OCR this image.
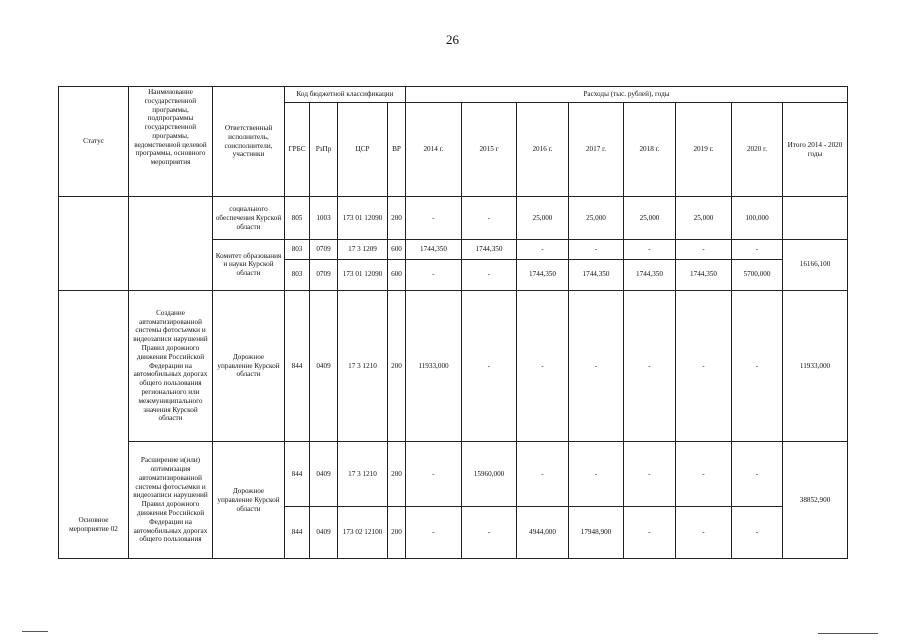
26
Статус	Наименование государственной программы, подпрограммы государственной программы, ведомственной целевой программы, основного мероприятия	Ответственный исполнитель, соисполнители, участники	Код бюджетной классификации				Расходы (тыс. рублей), годы							
			ГРБС	РзПр	ЦСР	ВР	2014 г.	2015 г	2016 г.	2017 г.	2018 г.	2019 г.	2020 г.	Итого 2014 - 2020 годы
		социального обеспечения Курской области	805	1003	173 01 12090	200	-	-	25,000	25,000	25,000	25,000	100,000	
		Комитет образования и науки Курской области	803	0709	17 3 1209	600	1744,350	1744,350	-	-	-	-	-	16166,100
			803	0709	173 01 12090	600	-	-	1744,350	1744,350	1744,350	1744,350	5700,000	
Основное мероприятие 02	Создание автоматизированной системы фотосъемки и видеозаписи нарушений Правил дорожного движения Российской Федерации на автомобильных дорогах общего пользования регионального или межмуниципального значения Курской области	Дорожное управление Курской области	844	0409	17 3 1210	200	11933,000	-	-	-	-	-	-	11933,000
	Расширение и(или) оптимизация автоматизированной системы фотосъемки и видеозаписи нарушений Правил дорожного движения Российской Федерации на автомобильных дорогах общего пользования	Дорожное управление Курской области	844	0409	17 3 1210	200	-	15960,000	-	-	-	-	-	38852,900
			844	0409	173 02 12100	200	-	-	4944,000	17948,900	-	-	-	
